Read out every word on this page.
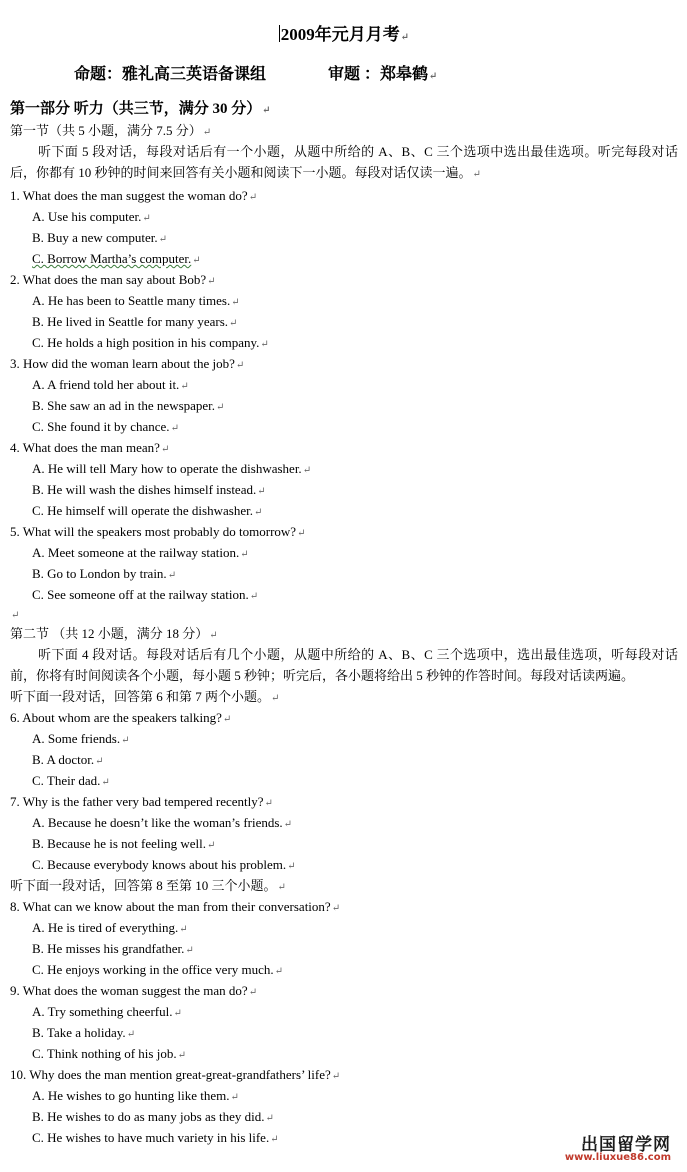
2009年元月月考↵
命题：雅礼高三英语备课组	审题 ：郑皋鹤↵
第一部分 听力（共三节，满分 30 分）↵
第一节（共 5 小题，满分 7.5 分）↵
听下面 5 段对话，每段对话后有一个小题，从题中所给的 A、B、C 三个选项中选出最佳选项。听完每段对话后，你都有 10 秒钟的时间来回答有关小题和阅读下一小题。每段对话仅读一遍。↵
1. What does the man suggest the woman do?↵
A. Use his computer.↵
B. Buy a new computer.↵
C. Borrow Martha’s computer.↵
2. What does the man say about Bob?↵
A. He has been to Seattle many times.↵
B. He lived in Seattle for many years.↵
C. He holds a high position in his company.↵
3. How did the woman learn about the job?↵
A. A friend told her about it.↵
B. She saw an ad in the newspaper.↵
C. She found it by chance.↵
4. What does the man mean?↵
A. He will tell Mary how to operate the dishwasher.↵
B. He will wash the dishes himself instead.↵
C. He himself will operate the dishwasher.↵
5. What will the speakers most probably do tomorrow?↵
A. Meet someone at the railway station.↵
B. Go to London by train.↵
C. See someone off at the railway station.↵
↵
第二节 （共 12 小题，满分 18 分）↵
听下面 4 段对话。每段对话后有几个小题，从题中所给的 A、B、C 三个选项中，选出最佳选项，听每段对话前，你将有时间阅读各个小题，每小题 5 秒钟；听完后，各小题将给出 5 秒钟的作答时间。每段对话读两遍。
听下面一段对话，回答第 6 和第 7 两个小题。↵
6. About whom are the speakers talking?↵
A. Some friends.↵
B. A doctor.↵
C. Their dad.↵
7. Why is the father very bad tempered recently?↵
A. Because he doesn’t like the woman’s friends.↵
B. Because he is not feeling well.↵
C. Because everybody knows about his problem.↵
听下面一段对话，回答第 8 至第 10 三个小题。↵
8. What can we know about the man from their conversation?↵
A. He is tired of everything.↵
B. He misses his grandfather.↵
C. He enjoys working in the office very much.↵
9. What does the woman suggest the man do?↵
A. Try something cheerful.↵
B. Take a holiday.↵
C. Think nothing of his job.↵
10. Why does the man mention great-great-grandfathers’ life?↵
A. He wishes to go hunting like them.↵
B. He wishes to do as many jobs as they did.↵
C. He wishes to have much variety in his life.↵	出国留学网
www.liuxue86.com
